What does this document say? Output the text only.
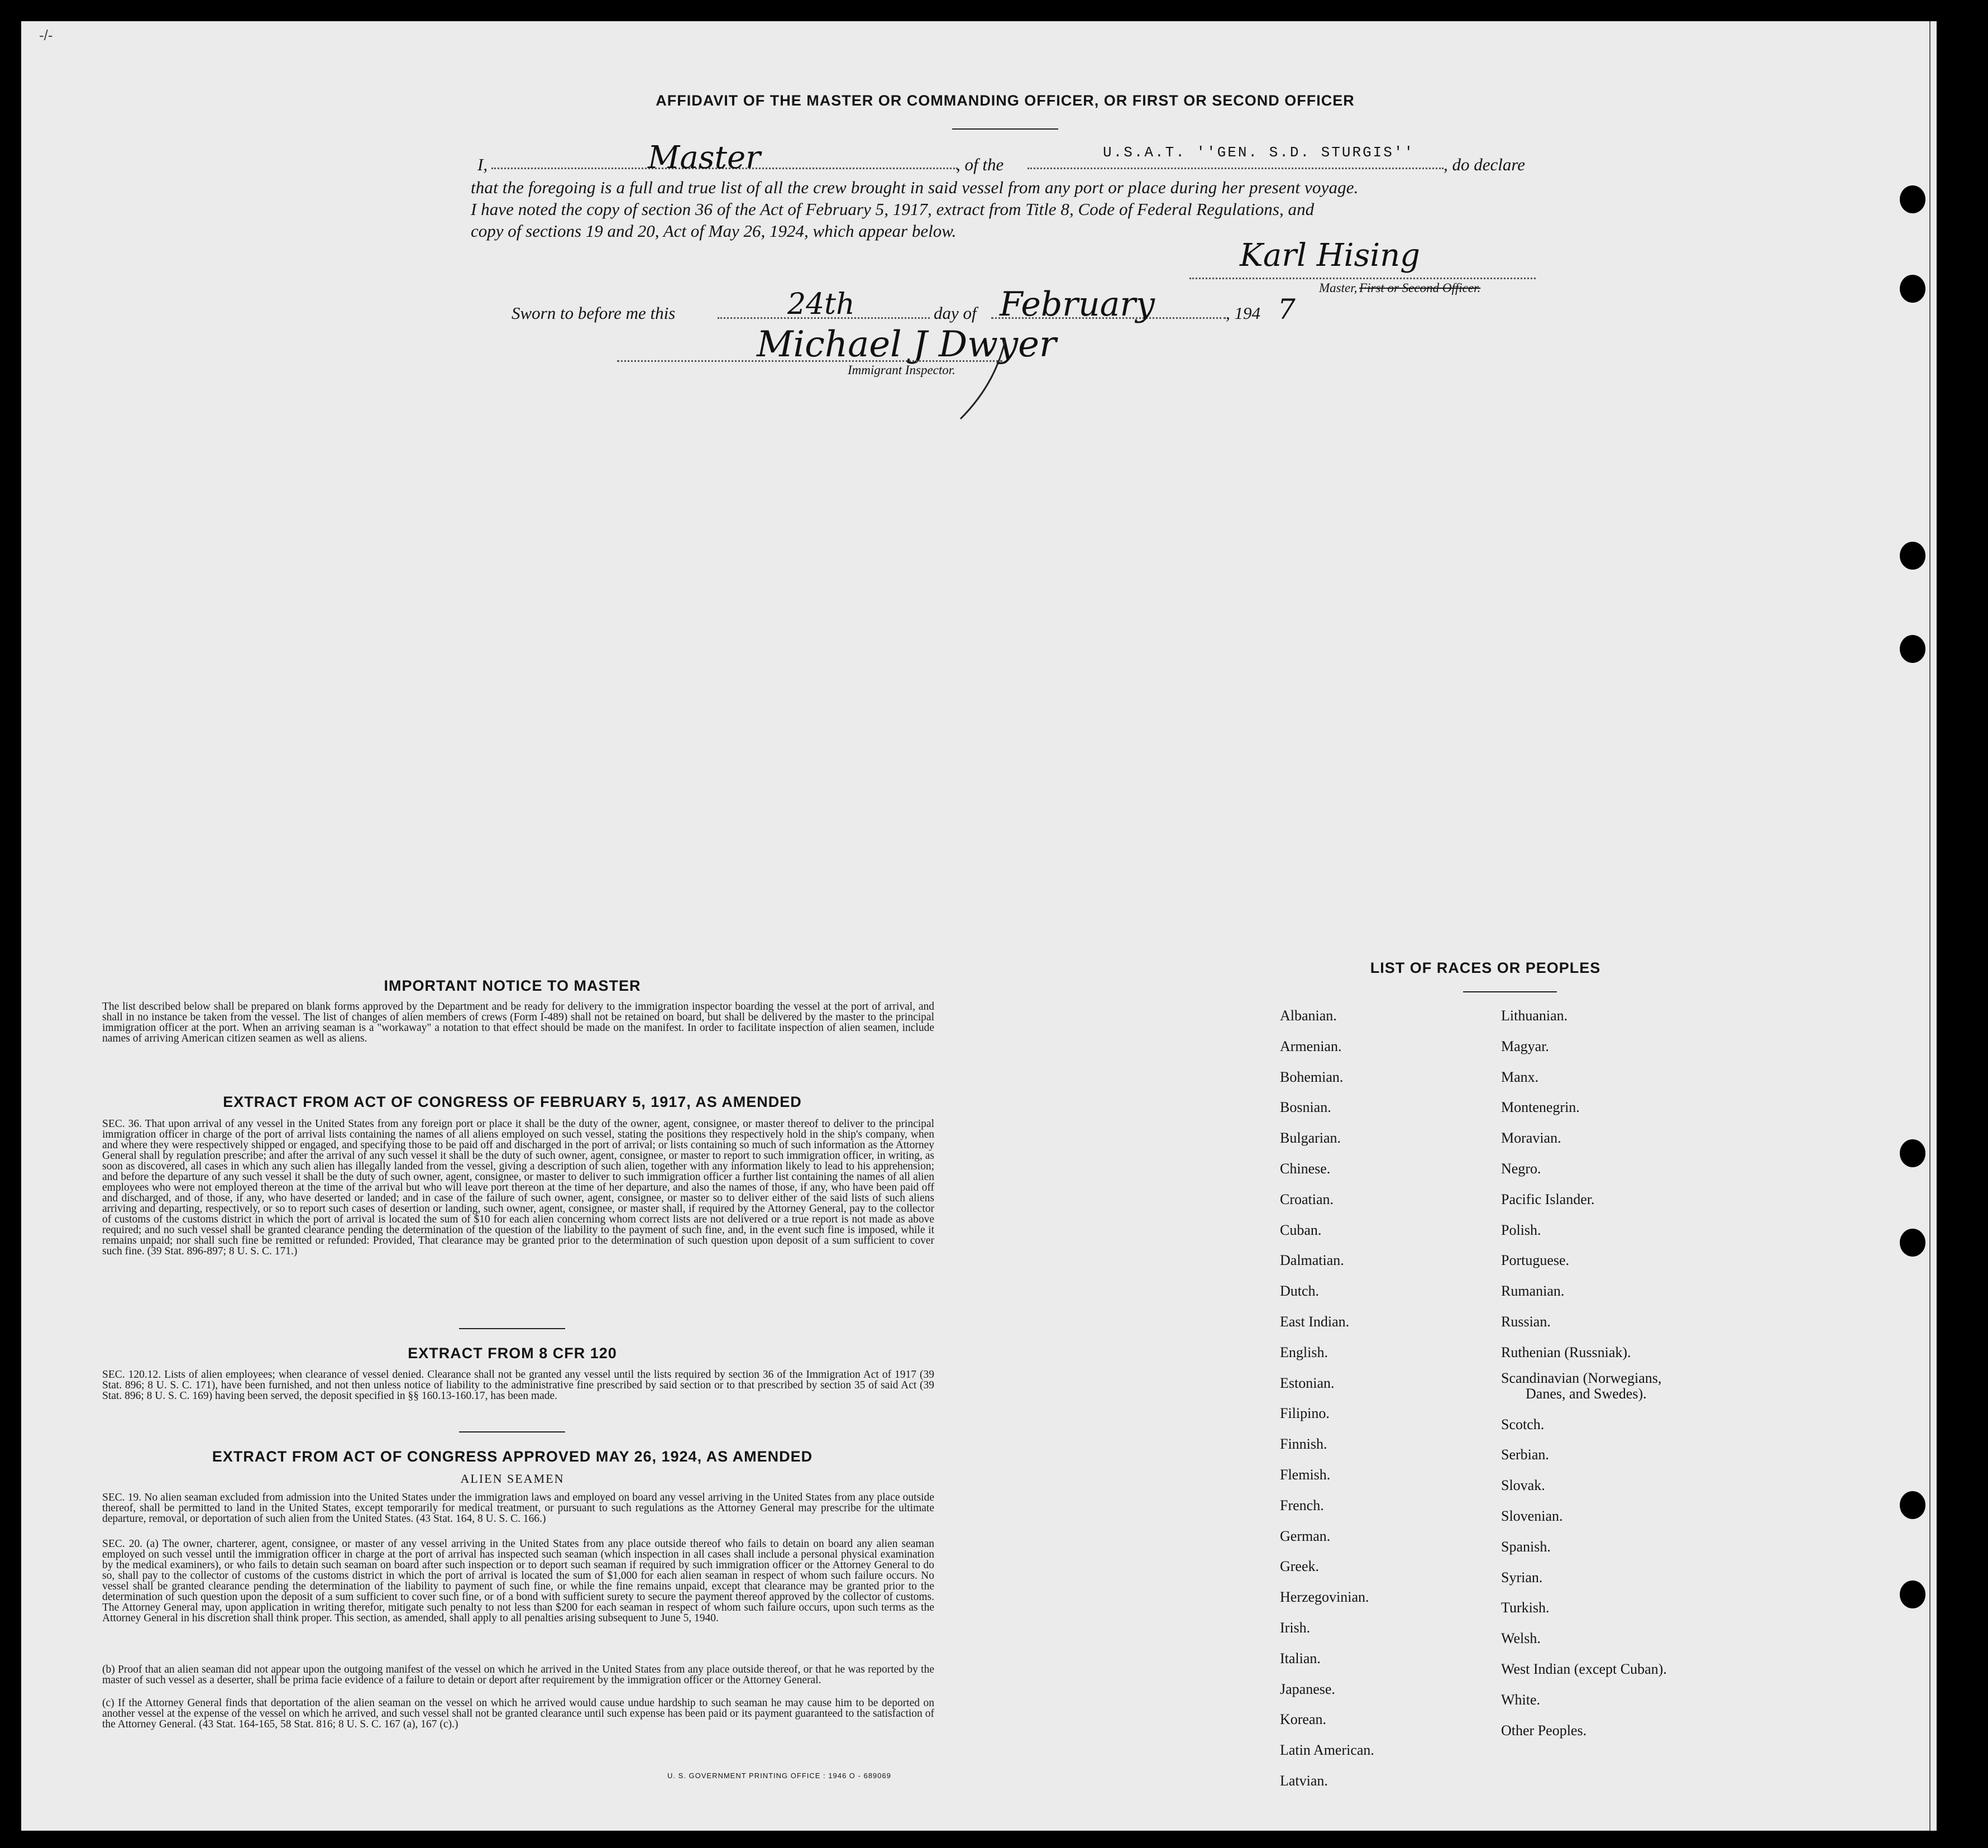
-/-
AFFIDAVIT OF THE MASTER OR COMMANDING OFFICER, OR FIRST OR SECOND OFFICER
I,	Master	, of the
U.S.A.T. ''GEN. S.D. STURGIS''
, do declare
that the foregoing is a full and true list of all the crew brought in said vessel from any port or place during her present voyage.
I have noted the copy of section 36 of the Act of February 5, 1917, extract from Title 8, Code of Federal Regulations, and
copy of sections 19 and 20, Act of May 26, 1924, which appear below.
Karl Hising
Master, First or Second Officer.
Sworn to before me this	24th	day of February	, 194 7
Michael J Dwyer
Immigrant Inspector.
IMPORTANT NOTICE TO MASTER
The list described below shall be prepared on blank forms approved by the Department and be ready for delivery to the immigration inspector boarding the vessel at the port of arrival, and shall in no instance be taken from the vessel. The list of changes of alien members of crews (Form I-489) shall not be retained on board, but shall be delivered by the master to the principal immigration officer at the port. When an arriving seaman is a "workaway" a notation to that effect should be made on the manifest. In order to facilitate inspection of alien seamen, include names of arriving American citizen seamen as well as aliens.
EXTRACT FROM ACT OF CONGRESS OF FEBRUARY 5, 1917, AS AMENDED
SEC. 36. That upon arrival of any vessel in the United States from any foreign port or place it shall be the duty of the owner, agent, consignee, or master thereof to deliver to the principal immigration officer in charge of the port of arrival lists containing the names of all aliens employed on such vessel, stating the positions they respectively hold in the ship's company, when and where they were respectively shipped or engaged, and specifying those to be paid off and discharged in the port of arrival; or lists containing so much of such information as the Attorney General shall by regulation prescribe; and after the arrival of any such vessel it shall be the duty of such owner, agent, consignee, or master to report to such immigration officer, in writing, as soon as discovered, all cases in which any such alien has illegally landed from the vessel, giving a description of such alien, together with any information likely to lead to his apprehension; and before the departure of any such vessel it shall be the duty of such owner, agent, consignee, or master to deliver to such immigration officer a further list containing the names of all alien employees who were not employed thereon at the time of the arrival but who will leave port thereon at the time of her departure, and also the names of those, if any, who have been paid off and discharged, and of those, if any, who have deserted or landed; and in case of the failure of such owner, agent, consignee, or master so to deliver either of the said lists of such aliens arriving and departing, respectively, or so to report such cases of desertion or landing, such owner, agent, consignee, or master shall, if required by the Attorney General, pay to the collector of customs of the customs district in which the port of arrival is located the sum of $10 for each alien concerning whom correct lists are not delivered or a true report is not made as above required; and no such vessel shall be granted clearance pending the determination of the question of the liability to the payment of such fine, and, in the event such fine is imposed, while it remains unpaid; nor shall such fine be remitted or refunded: Provided, That clearance may be granted prior to the determination of such question upon deposit of a sum sufficient to cover such fine. (39 Stat. 896-897; 8 U. S. C. 171.)
EXTRACT FROM 8 CFR 120
SEC. 120.12. Lists of alien employees; when clearance of vessel denied. Clearance shall not be granted any vessel until the lists required by section 36 of the Immigration Act of 1917 (39 Stat. 896; 8 U. S. C. 171), have been furnished, and not then unless notice of liability to the administrative fine prescribed by said section or to that prescribed by section 35 of said Act (39 Stat. 896; 8 U. S. C. 169) having been served, the deposit specified in §§ 160.13-160.17, has been made.
EXTRACT FROM ACT OF CONGRESS APPROVED MAY 26, 1924, AS AMENDED
ALIEN SEAMEN
SEC. 19. No alien seaman excluded from admission into the United States under the immigration laws and employed on board any vessel arriving in the United States from any place outside thereof, shall be permitted to land in the United States, except temporarily for medical treatment, or pursuant to such regulations as the Attorney General may prescribe for the ultimate departure, removal, or deportation of such alien from the United States. (43 Stat. 164, 8 U. S. C. 166.)
SEC. 20. (a) The owner, charterer, agent, consignee, or master of any vessel arriving in the United States from any place outside thereof who fails to detain on board any alien seaman employed on such vessel until the immigration officer in charge at the port of arrival has inspected such seaman (which inspection in all cases shall include a personal physical examination by the medical examiners), or who fails to detain such seaman on board after such inspection or to deport such seaman if required by such immigration officer or the Attorney General to do so, shall pay to the collector of customs of the customs district in which the port of arrival is located the sum of $1,000 for each alien seaman in respect of whom such failure occurs. No vessel shall be granted clearance pending the determination of the liability to payment of such fine, or while the fine remains unpaid, except that clearance may be granted prior to the determination of such question upon the deposit of a sum sufficient to cover such fine, or of a bond with sufficient surety to secure the payment thereof approved by the collector of customs. The Attorney General may, upon application in writing therefor, mitigate such penalty to not less than $200 for each seaman in respect of whom such failure occurs, upon such terms as the Attorney General in his discretion shall think proper. This section, as amended, shall apply to all penalties arising subsequent to June 5, 1940.
(b) Proof that an alien seaman did not appear upon the outgoing manifest of the vessel on which he arrived in the United States from any place outside thereof, or that he was reported by the master of such vessel as a deserter, shall be prima facie evidence of a failure to detain or deport after requirement by the immigration officer or the Attorney General.
(c) If the Attorney General finds that deportation of the alien seaman on the vessel on which he arrived would cause undue hardship to such seaman he may cause him to be deported on another vessel at the expense of the vessel on which he arrived, and such vessel shall not be granted clearance until such expense has been paid or its payment guaranteed to the satisfaction of the Attorney General. (43 Stat. 164-165, 58 Stat. 816; 8 U. S. C. 167 (a), 167 (c).)
U. S. GOVERNMENT PRINTING OFFICE : 1946 O - 689069
LIST OF RACES OR PEOPLES
Albanian.
Armenian.
Bohemian.
Bosnian.
Bulgarian.
Chinese.
Croatian.
Cuban.
Dalmatian.
Dutch.
East Indian.
English.
Estonian.
Filipino.
Finnish.
Flemish.
French.
German.
Greek.
Herzegovinian.
Irish.
Italian.
Japanese.
Korean.
Latin American.
Latvian.
Lithuanian.
Magyar.
Manx.
Montenegrin.
Moravian.
Negro.
Pacific Islander.
Polish.
Portuguese.
Rumanian.
Russian.
Ruthenian (Russniak).
Scandinavian (Norwegians,
Danes, and Swedes).
Scotch.
Serbian.
Slovak.
Slovenian.
Spanish.
Syrian.
Turkish.
Welsh.
West Indian (except Cuban).
White.
Other Peoples.
